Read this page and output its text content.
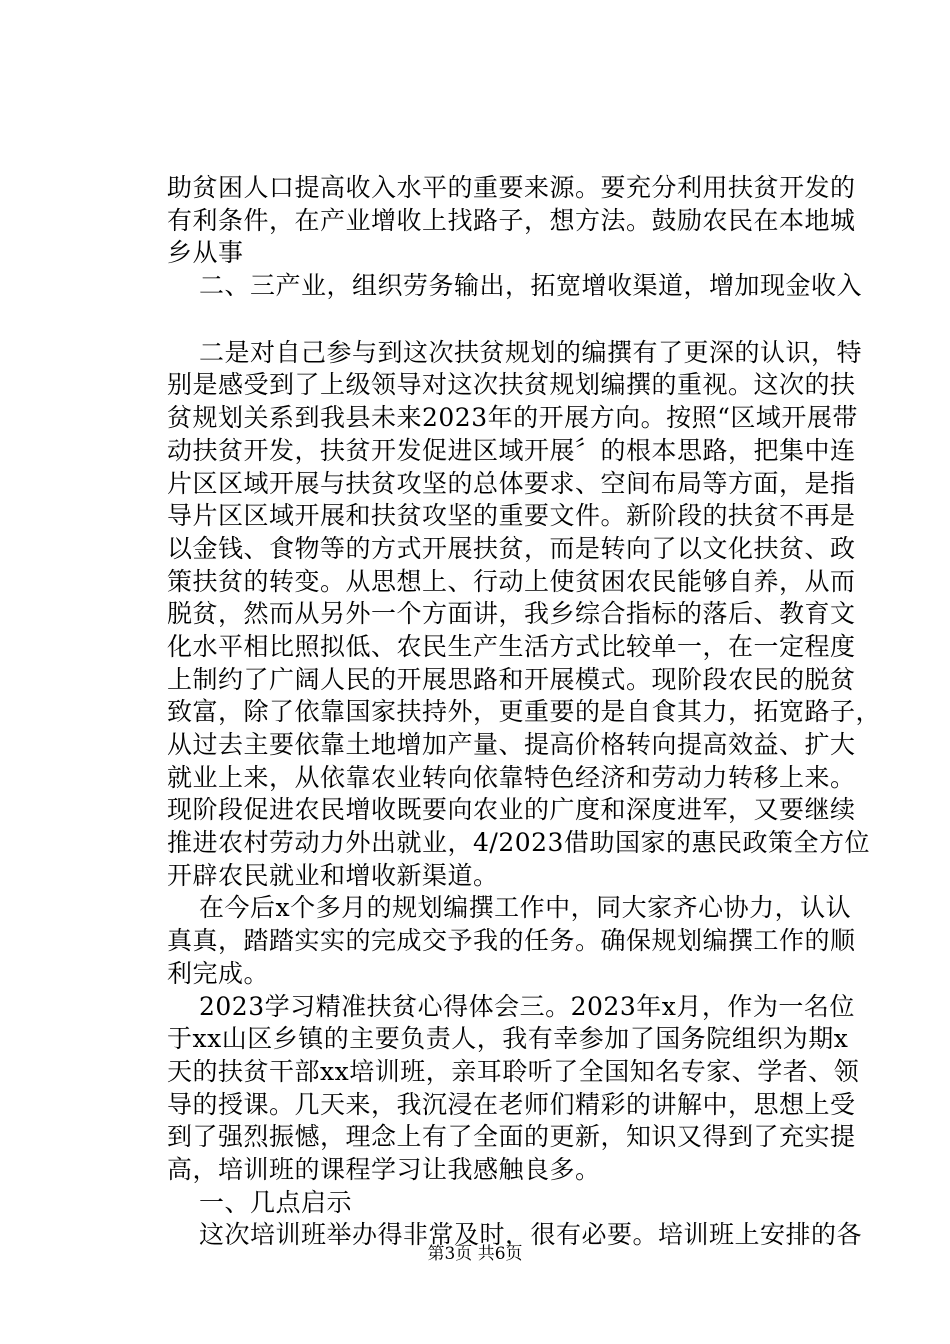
助贫困人口提高收入水平的重要来源。要充分利用扶贫开发的
有利条件，在产业增收上找路子，想方法。鼓励农民在本地城
乡从事
二、三产业，组织劳务输出，拓宽增收渠道，增加现金收入
二是对自己参与到这次扶贫规划的编撰有了更深的认识，特
别是感受到了上级领导对这次扶贫规划编撰的重视。这次的扶
贫规划关系到我县未来2023年的开展方向。按照“区域开展带
动扶贫开发，扶贫开发促进区域开展〞的根本思路，把集中连
片区区域开展与扶贫攻坚的总体要求、空间布局等方面，是指
导片区区域开展和扶贫攻坚的重要文件。新阶段的扶贫不再是
以金钱、食物等的方式开展扶贫，而是转向了以文化扶贫、政
策扶贫的转变。从思想上、行动上使贫困农民能够自养，从而
脱贫，然而从另外一个方面讲，我乡综合指标的落后、教育文
化水平相比照拟低、农民生产生活方式比较单一，在一定程度
上制约了广阔人民的开展思路和开展模式。现阶段农民的脱贫
致富，除了依靠国家扶持外，更重要的是自食其力，拓宽路子，
从过去主要依靠土地增加产量、提高价格转向提高效益、扩大
就业上来，从依靠农业转向依靠特色经济和劳动力转移上来。
现阶段促进农民增收既要向农业的广度和深度进军，又要继续
推进农村劳动力外出就业，4/2023借助国家的惠民政策全方位
开辟农民就业和增收新渠道。
在今后x个多月的规划编撰工作中，同大家齐心协力，认认
真真，踏踏实实的完成交予我的任务。确保规划编撰工作的顺
利完成。
2023学习精准扶贫心得体会三。2023年x月，作为一名位
于xx山区乡镇的主要负责人，我有幸参加了国务院组织为期x
天的扶贫干部xx培训班，亲耳聆听了全国知名专家、学者、领
导的授课。几天来，我沉浸在老师们精彩的讲解中，思想上受
到了强烈振憾，理念上有了全面的更新，知识又得到了充实提
高，培训班的课程学习让我感触良多。
一、几点启示
这次培训班举办得非常及时，很有必要。培训班上安排的各
第3页 共6页
